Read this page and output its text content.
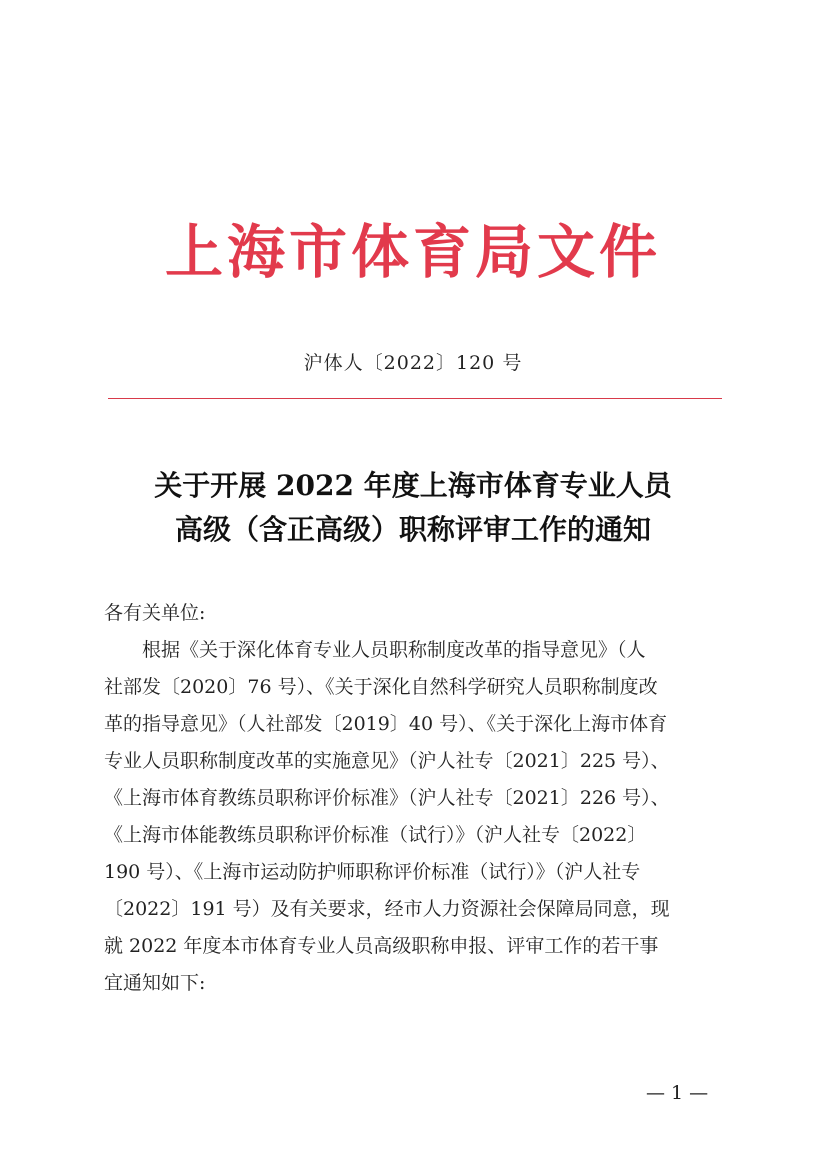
上海市体育局文件
沪体人〔2022〕120 号
关于开展 2022 年度上海市体育专业人员
高级（含正高级）职称评审工作的通知
各有关单位:
　　根据《关于深化体育专业人员职称制度改革的指导意见》（人
社部发〔2020〕76 号）、《关于深化自然科学研究人员职称制度改
革的指导意见》（人社部发〔2019〕40 号）、《关于深化上海市体育
专业人员职称制度改革的实施意见》（沪人社专〔2021〕225 号）、
《上海市体育教练员职称评价标准》（沪人社专〔2021〕226 号）、
《上海市体能教练员职称评价标准（试行）》（沪人社专〔2022〕
190 号）、《上海市运动防护师职称评价标准（试行）》（沪人社专
〔2022〕191 号）及有关要求，经市人力资源社会保障局同意，现
就 2022 年度本市体育专业人员高级职称申报、评审工作的若干事
宜通知如下:
— 1 —
